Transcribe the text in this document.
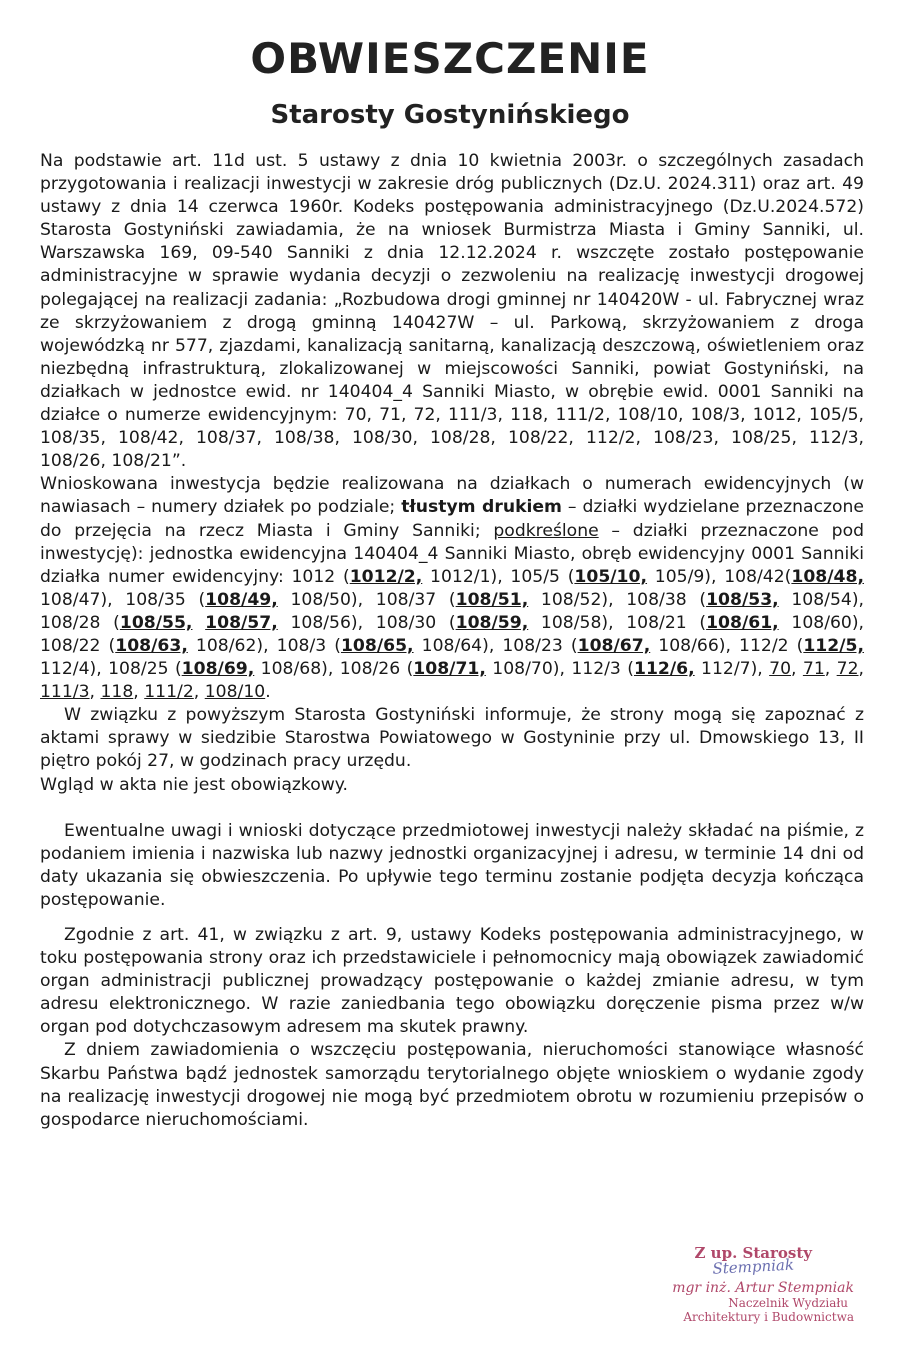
OBWIESZCZENIE
Starosty Gostynińskiego

Na podstawie art. 11d ust. 5 ustawy z dnia 10 kwietnia 2003r. o szczególnych zasadach przygotowania i realizacji inwestycji w zakresie dróg publicznych (Dz.U. 2024.311) oraz art. 49 ustawy z dnia 14 czerwca 1960r. Kodeks postępowania administracyjnego (Dz.U.2024.572) Starosta Gostyniński zawiadamia, że na wniosek Burmistrza Miasta i Gminy Sanniki, ul. Warszawska 169, 09-540 Sanniki z dnia 12.12.2024 r. wszczęte zostało postępowanie administracyjne w sprawie wydania decyzji o zezwoleniu na realizację inwestycji drogowej polegającej na realizacji zadania: „Rozbudowa drogi gminnej nr 140420W - ul. Fabrycznej wraz ze skrzyżowaniem z drogą gminną 140427W – ul. Parkową, skrzyżowaniem z droga wojewódzką nr 577, zjazdami, kanalizacją sanitarną, kanalizacją deszczową, oświetleniem oraz niezbędną infrastrukturą, zlokalizowanej w miejscowości Sanniki, powiat Gostyniński, na działkach w jednostce ewid. nr 140404_4 Sanniki Miasto, w obrębie ewid. 0001 Sanniki na działce o numerze ewidencyjnym: 70, 71, 72, 111/3, 118, 111/2, 108/10, 108/3, 1012, 105/5, 108/35, 108/42, 108/37, 108/38, 108/30, 108/28, 108/22, 112/2, 108/23, 108/25, 112/3, 108/26, 108/21”.

Wnioskowana inwestycja będzie realizowana na działkach o numerach ewidencyjnych (w nawiasach – numery działek po podziale; tłustym drukiem – działki wydzielane przeznaczone do przejęcia na rzecz Miasta i Gminy Sanniki; podkreślone – działki przeznaczone pod inwestycję): jednostka ewidencyjna 140404_4 Sanniki Miasto, obręb ewidencyjny 0001 Sanniki działka numer ewidencyjny: 1012 (1012/2, 1012/1), 105/5 (105/10, 105/9), 108/42(108/48, 108/47), 108/35 (108/49, 108/50), 108/37 (108/51, 108/52), 108/38 (108/53, 108/54), 108/28 (108/55, 108/57, 108/56), 108/30 (108/59, 108/58), 108/21 (108/61, 108/60), 108/22 (108/63, 108/62), 108/3 (108/65, 108/64), 108/23 (108/67, 108/66), 112/2 (112/5, 112/4), 108/25 (108/69, 108/68), 108/26 (108/71, 108/70), 112/3 (112/6, 112/7), 70, 71, 72, 111/3, 118, 111/2, 108/10.

W związku z powyższym Starosta Gostyniński informuje, że strony mogą się zapoznać z aktami sprawy w siedzibie Starostwa Powiatowego w Gostyninie przy ul. Dmowskiego 13, II piętro pokój 27, w godzinach pracy urzędu.

Wgląd w akta nie jest obowiązkowy.

Ewentualne uwagi i wnioski dotyczące przedmiotowej inwestycji należy składać na piśmie, z podaniem imienia i nazwiska lub nazwy jednostki organizacyjnej i adresu, w terminie 14 dni od daty ukazania się obwieszczenia. Po upływie tego terminu zostanie podjęta decyzja kończąca postępowanie.

Zgodnie z art. 41, w związku z art. 9, ustawy Kodeks postępowania administracyjnego, w toku postępowania strony oraz ich przedstawiciele i pełnomocnicy mają obowiązek zawiadomić organ administracji publicznej prowadzący postępowanie o każdej zmianie adresu, w tym adresu elektronicznego. W razie zaniedbania tego obowiązku doręczenie pisma przez w/w organ pod dotychczasowym adresem ma skutek prawny.

Z dniem zawiadomienia o wszczęciu postępowania, nieruchomości stanowiące własność Skarbu Państwa bądź jednostek samorządu terytorialnego objęte wnioskiem o wydanie zgody na realizację inwestycji drogowej nie mogą być przedmiotem obrotu w rozumieniu przepisów o gospodarce nieruchomościami.

Z up. Starosty
Stempniak
mgr inż. Artur Stempniak
Naczelnik Wydziału
Architektury i Budownictwa
